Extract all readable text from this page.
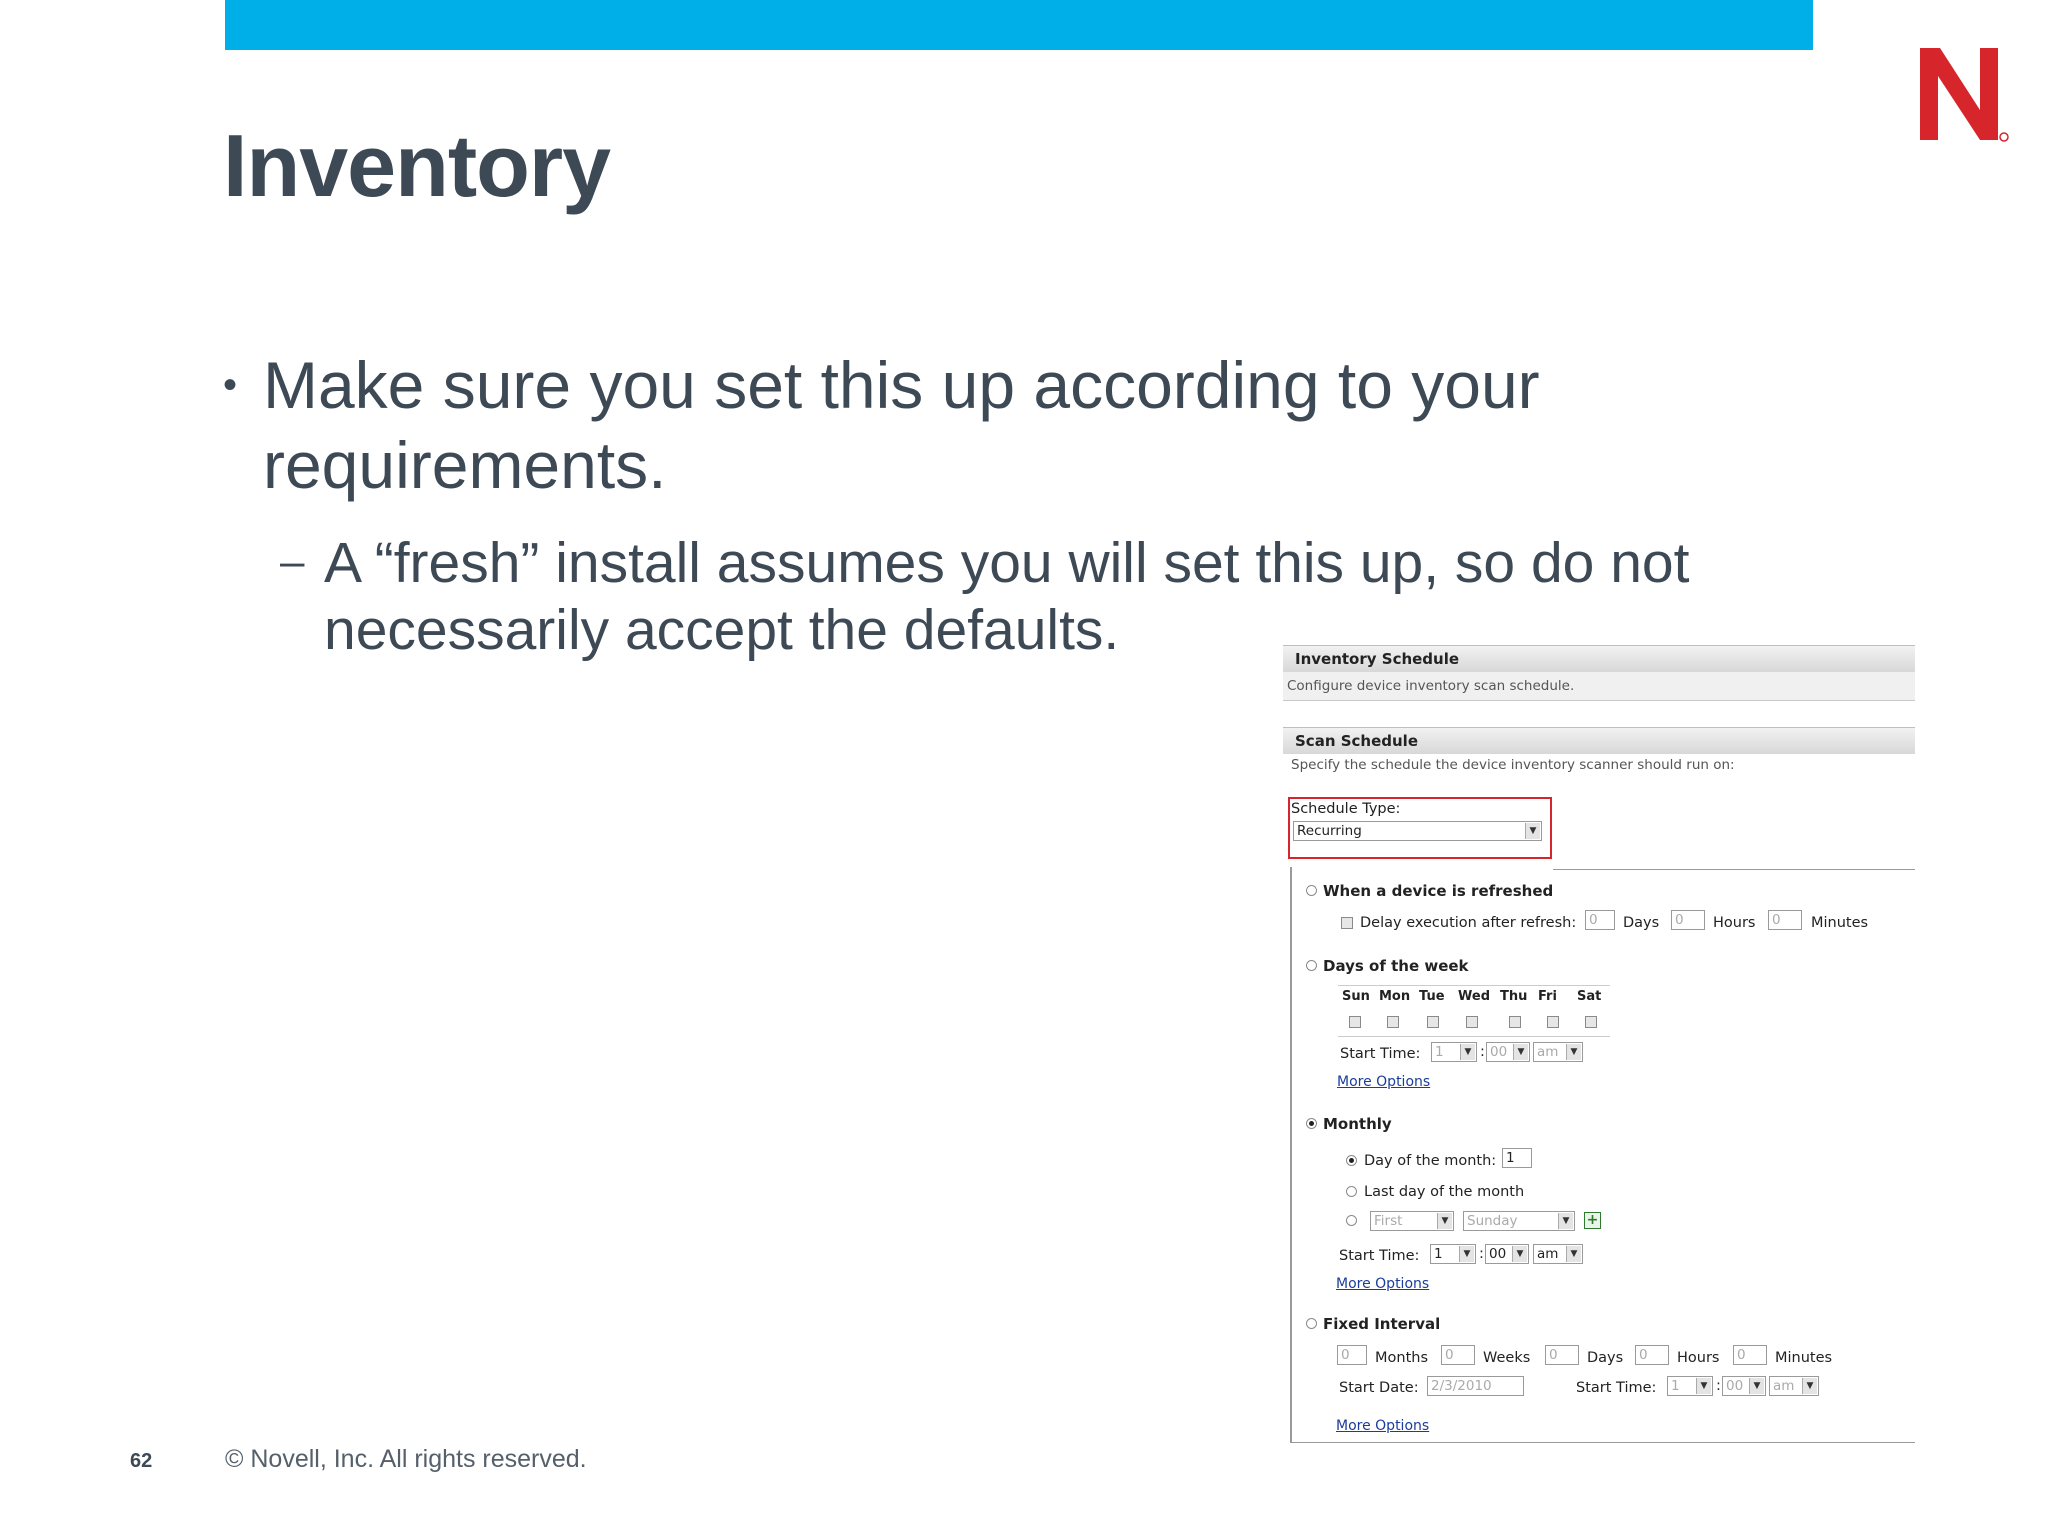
Inventory
• Make sure you set this up according to your requirements.
– A “fresh” install assumes you will set this up, so do not necessarily accept the defaults.	Inventory Schedule
Configure device inventory scan schedule.
Scan Schedule
Specify the schedule the device inventory scanner should run on:
Schedule Type:
Recurring	▼
When a device is refreshed
Delay execution after refresh: 0	Days 0	Hours 0	Minutes
Days of the week
Sun Mon Tue Wed Thu Fri Sat
Start Time: 1	▼ : 00	▼ am	▼
More Options
Monthly
Day of the month: 1
Last day of the month
First	▼ Sunday	▼ +
Start Time: 1	▼ : 00	▼ am	▼
More Options
Fixed Interval
0	Months 0	Weeks 0	Days 0	Hours 0	Minutes
Start Date: 2/3/2010	Start Time: 1	▼ : 00	▼ am	▼
More Options
62	© Novell, Inc. All rights reserved.
